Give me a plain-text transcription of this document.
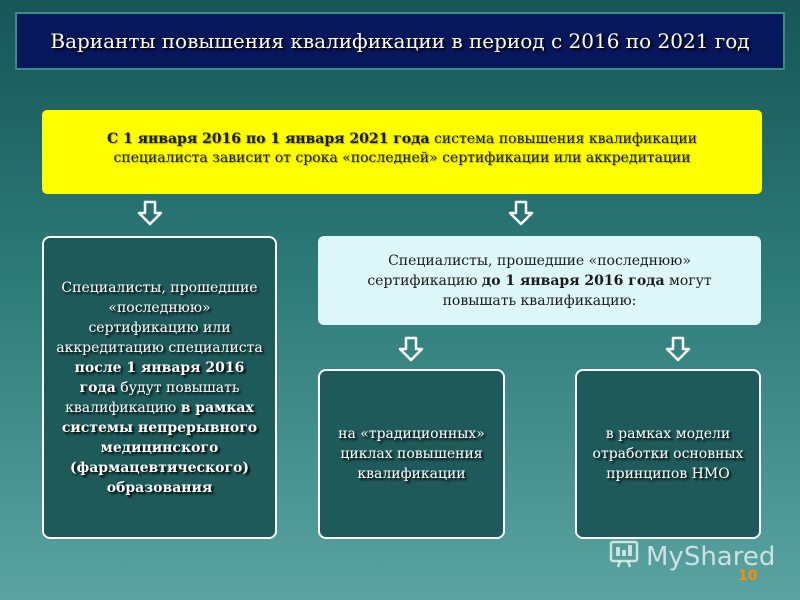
Варианты повышения квалификации в период с 2016 по 2021 год
С 1 января 2016 по 1 января 2021 года система повышения квалификации специалиста зависит от срока «последней» сертификации или аккредитации
Специалисты, прошедшие «последнюю» сертификацию или аккредитацию специалиста после 1 января 2016 года будут повышать квалификацию в рамках системы непрерывного медицинского (фармацевтического) образования
Специалисты, прошедшие «последнюю» сертификацию до 1 января 2016 года могут повышать квалификацию:
на «традиционных» циклах повышения квалификации
в рамках модели отработки основных принципов НМО
MyShared
10
